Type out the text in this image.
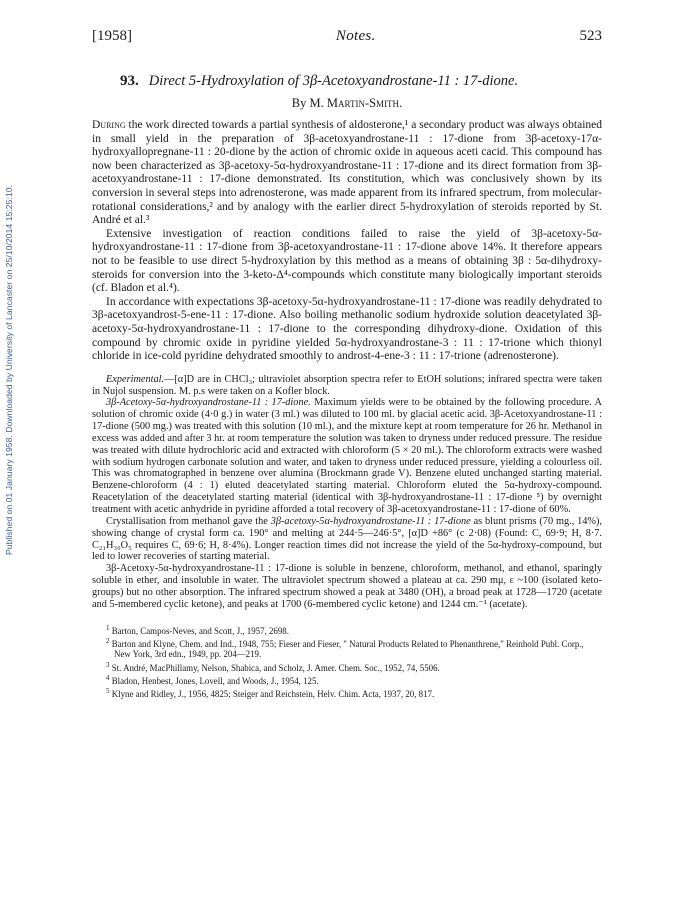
Published on 01 January 1958. Downloaded by University of Lancaster on 25/10/2014 15:25:10.
[1958]	Notes.	523
93. Direct 5-Hydroxylation of 3β-Acetoxyandrostane-11 : 17-dione.
By M. Martin-Smith.

During the work directed towards a partial synthesis of aldosterone,¹ a secondary product was always obtained in small yield in the preparation of 3β-acetoxyandrostane-11 : 17-dione from 3β-acetoxy-17α-hydroxyallopregnane-11 : 20-dione by the action of chromic oxide in aqueous aceti cacid. This compound has now been characterized as 3β-acetoxy-5α-hydroxyandrostane-11 : 17-dione and its direct formation from 3β-acetoxyandrostane-11 : 17-dione demonstrated. Its constitution, which was conclusively shown by its conversion in several steps into adrenosterone, was made apparent from its infrared spectrum, from molecular-rotational considerations,² and by analogy with the earlier direct 5-hydroxylation of steroids reported by St. André et al.³

Extensive investigation of reaction conditions failed to raise the yield of 3β-acetoxy-5α-hydroxyandrostane-11 : 17-dione from 3β-acetoxyandrostane-11 : 17-dione above 14%. It therefore appears not to be feasible to use direct 5-hydroxylation by this method as a means of obtaining 3β : 5α-dihydroxy-steroids for conversion into the 3-keto-Δ⁴-compounds which constitute many biologically important steroids (cf. Bladon et al.⁴).

In accordance with expectations 3β-acetoxy-5α-hydroxyandrostane-11 : 17-dione was readily dehydrated to 3β-acetoxyandrost-5-ene-11 : 17-dione. Also boiling methanolic sodium hydroxide solution deacetylated 3β-acetoxy-5α-hydroxyandrostane-11 : 17-dione to the corresponding dihydroxy-dione. Oxidation of this compound by chromic oxide in pyridine yielded 5α-hydroxyandrostane-3 : 11 : 17-trione which thionyl chloride in ice-cold pyridine dehydrated smoothly to androst-4-ene-3 : 11 : 17-trione (adrenosterone).

Experimental.—[α]D are in CHCl₃; ultraviolet absorption spectra refer to EtOH solutions; infrared spectra were taken in Nujol suspension. M. p.s were taken on a Kofler block.

3β-Acetoxy-5α-hydroxyandrostane-11 : 17-dione. Maximum yields were to be obtained by the following procedure. A solution of chromic oxide (4·0 g.) in water (3 ml.) was diluted to 100 ml. by glacial acetic acid. 3β-Acetoxyandrostane-11 : 17-dione (500 mg.) was treated with this solution (10 ml.), and the mixture kept at room temperature for 26 hr. Methanol in excess was added and after 3 hr. at room temperature the solution was taken to dryness under reduced pressure. The residue was treated with dilute hydrochloric acid and extracted with chloroform (5 × 20 ml.). The chloroform extracts were washed with sodium hydrogen carbonate solution and water, and taken to dryness under reduced pressure, yielding a colourless oil. This was chromatographed in benzene over alumina (Brockmann grade V). Benzene eluted unchanged starting material. Benzene-chloroform (4 : 1) eluted deacetylated starting material. Chloroform eluted the 5α-hydroxy-compound. Reacetylation of the deacetylated starting material (identical with 3β-hydroxyandrostane-11 : 17-dione ⁵) by overnight treatment with acetic anhydride in pyridine afforded a total recovery of 3β-acetoxyandrostane-11 : 17-dione of 60%.

Crystallisation from methanol gave the 3β-acetoxy-5α-hydroxyandrostane-11 : 17-dione as blunt prisms (70 mg., 14%), showing change of crystal form ca. 190° and melting at 244·5—246·5°, [α]D +86° (c 2·08) (Found: C, 69·9; H, 8·7. C₂₁H₃₀O₅ requires C, 69·6; H, 8·4%). Longer reaction times did not increase the yield of the 5α-hydroxy-compound, but led to lower recoveries of starting material.

3β-Acetoxy-5α-hydroxyandrostane-11 : 17-dione is soluble in benzene, chloroform, methanol, and ethanol, sparingly soluble in ether, and insoluble in water. The ultraviolet spectrum showed a plateau at ca. 290 mμ, ε ~100 (isolated keto-groups) but no other absorption. The infrared spectrum showed a peak at 3480 (OH), a broad peak at 1728—1720 (acetate and 5-membered cyclic ketone), and peaks at 1700 (6-membered cyclic ketone) and 1244 cm.⁻¹ (acetate).

$^1$ Barton, Campos-Neves, and Scott, J., 1957, 2698.
$^2$ Barton and Klyne, Chem. and Ind., 1948, 755; Fieser and Fieser, " Natural Products Related to Phenanthrene," Reinhold Publ. Corp., New York, 3rd edn., 1949, pp. 204—219.
$^3$ St. André, MacPhillamy, Nelson, Shabica, and Scholz, J. Amer. Chem. Soc., 1952, 74, 5506.
$^4$ Bladon, Henbest, Jones, Lovell, and Woods, J., 1954, 125.
$^5$ Klyne and Ridley, J., 1956, 4825; Steiger and Reichstein, Helv. Chim. Acta, 1937, 20, 817.
